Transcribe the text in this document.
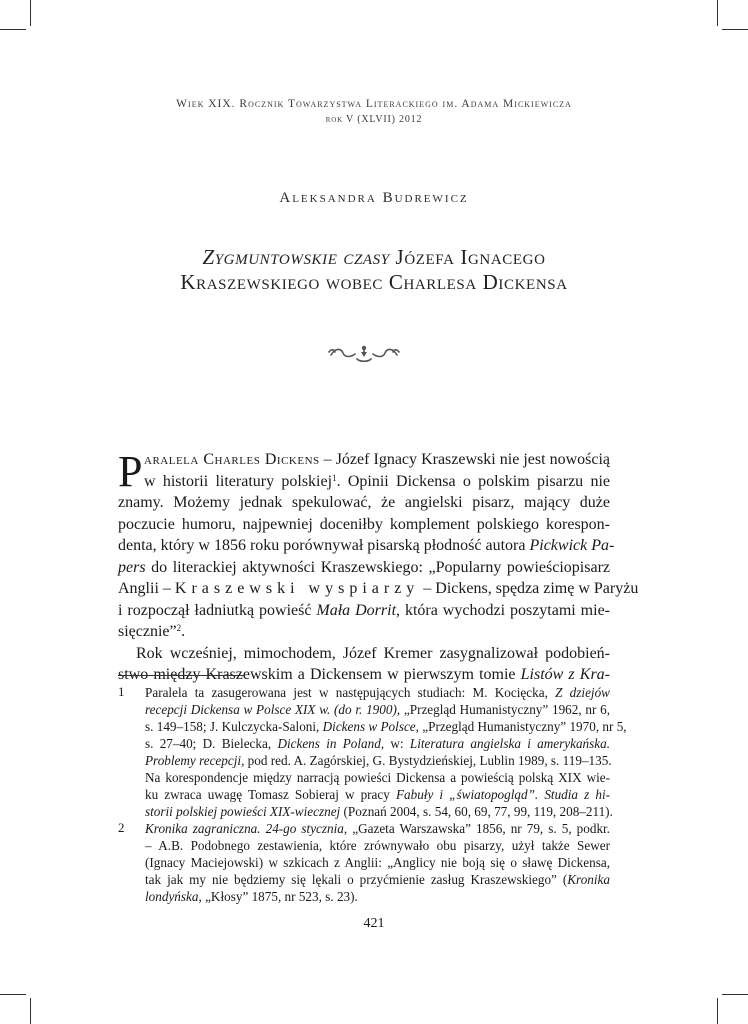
Wiek XIX. Rocznik Towarzystwa Literackiego im. Adama Mickiewicza
rok V (XLVII) 2012
Aleksandra Budrewicz
Zygmuntowskie czasy Józefa Ignacego
Kraszewskiego wobec Charlesa Dickensa
P aralela Charles Dickens – Józef Ignacy Kraszewski nie jest nowością
w historii literatury polskiej$^1$. Opinii Dickensa o polskim pisarzu nie
znamy. Możemy jednak spekulować, że angielski pisarz, mający duże
poczucie humoru, najpewniej doceniłby komplement polskiego korespon-
denta, który w 1856 roku porównywał pisarską płodność autora Pickwick Pa-
pers do literackiej aktywności Kraszewskiego: „Popularny powieściopisarz
Anglii – Kraszewski wyspiarzy – Dickens, spędza zimę w Paryżu
i rozpoczął ładniutką powieść Mała Dorrit, która wychodzi poszytami mie-
sięcznie”$^2$.
Rok wcześniej, mimochodem, Józef Kremer zasygnalizował podobień-
stwo między Kraszewskim a Dickensem w pierwszym tomie Listów z Kra-
1 Paralela ta zasugerowana jest w następujących studiach: M. Kocięcka, Z dziejów
recepcji Dickensa w Polsce XIX w. (do r. 1900), „Przegląd Humanistyczny” 1962, nr 6,
s. 149–158; J. Kulczycka-Saloni, Dickens w Polsce, „Przegląd Humanistyczny” 1970, nr 5,
s. 27–40; D. Bielecka, Dickens in Poland, w: Literatura angielska i amerykańska.
Problemy recepcji, pod red. A. Zagórskiej, G. Bystydzieńskiej, Lublin 1989, s. 119–135.
Na korespondencje między narracją powieści Dickensa a powieścią polską XIX wie-
ku zwraca uwagę Tomasz Sobieraj w pracy Fabuły i „światopogląd”. Studia z hi-
storii polskiej powieści XIX-wiecznej (Poznań 2004, s. 54, 60, 69, 77, 99, 119, 208–211).
2 Kronika zagraniczna. 24-go stycznia, „Gazeta Warszawska” 1856, nr 79, s. 5, podkr.
– A.B. Podobnego zestawienia, które zrównywało obu pisarzy, użył także Sewer
(Ignacy Maciejowski) w szkicach z Anglii: „Anglicy nie boją się o sławę Dickensa,
tak jak my nie będziemy się lękali o przyćmienie zasług Kraszewskiego” (Kronika
londyńska, „Kłosy” 1875, nr 523, s. 23).
421
